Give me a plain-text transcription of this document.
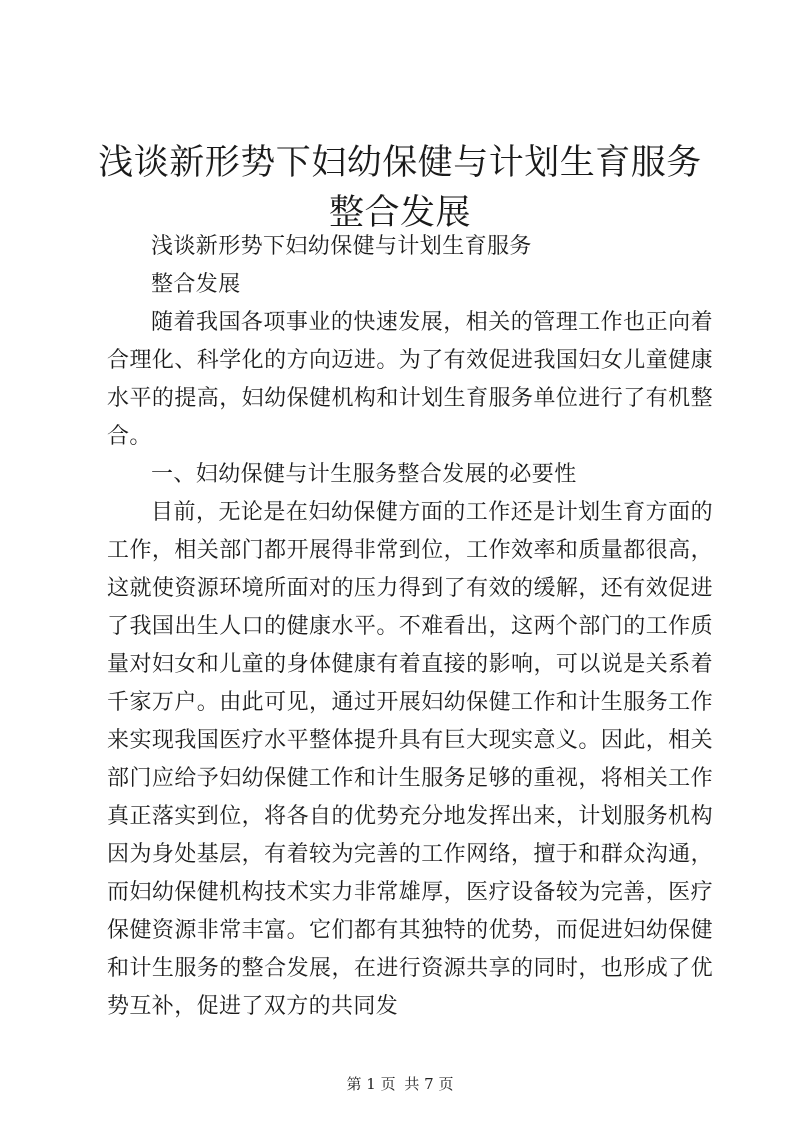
浅谈新形势下妇幼保健与计划生育服务整合发展

浅谈新形势下妇幼保健与计划生育服务

整合发展

随着我国各项事业的快速发展，相关的管理工作也正向着合理化、科学化的方向迈进。为了有效促进我国妇女儿童健康水平的提高，妇幼保健机构和计划生育服务单位进行了有机整合。

一、妇幼保健与计生服务整合发展的必要性

目前，无论是在妇幼保健方面的工作还是计划生育方面的工作，相关部门都开展得非常到位，工作效率和质量都很高，这就使资源环境所面对的压力得到了有效的缓解，还有效促进了我国出生人口的健康水平。不难看出，这两个部门的工作质量对妇女和儿童的身体健康有着直接的影响，可以说是关系着千家万户。由此可见，通过开展妇幼保健工作和计生服务工作来实现我国医疗水平整体提升具有巨大现实意义。因此，相关部门应给予妇幼保健工作和计生服务足够的重视，将相关工作真正落实到位，将各自的优势充分地发挥出来，计划服务机构因为身处基层，有着较为完善的工作网络，擅于和群众沟通，而妇幼保健机构技术实力非常雄厚，医疗设备较为完善，医疗保健资源非常丰富。它们都有其独特的优势，而促进妇幼保健和计生服务的整合发展，在进行资源共享的同时，也形成了优势互补，促进了双方的共同发

第 1 页 共 7 页
